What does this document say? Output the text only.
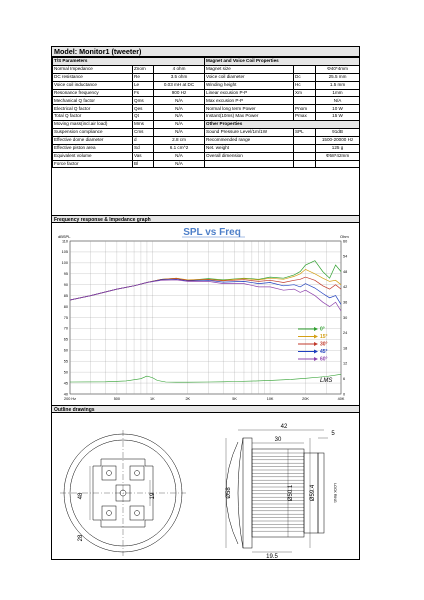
Model: Monitor1 (tweeter)
T/S Parameters			Magnet and Voice Coil Properties		
Normal Impedance	Znom	4 ohm	Magnet size		Φ40*4mm
DC resistance	Re	3.5 ohm	Voice coil diameter	Dc	25.5 mm
Voice coil inductance	Le	0.03 mH at DC	Winding height	Hc	1.5 mm
Resonance frequency	Fs	900 Hz	Linear excusion P-P	Xm	1mm
Mechanical Q factor	Qms	N/A	Max excusion P-P		N/A
Electrical Q factor	Qes	N/A	Normal long term Power	Pnom	10 W
Total Q factor	Qt	N/A	Instant(10ms) Max Power	Pmax	15 W
Moving mass(incl.air load)	Mms	N/A	Other Properties		
Suspension compliance	Cms	N/A	Sound Pressure Level/1m/1W	SPL	91dB
Effective dome diameter	d	2.8 cm	Recommended range		1500-20000 Hz
Effective piston area	Sd	6.1 cm^2	Net. weight		125 g
Equivalent volume	Vas	N/A	Overall dimension		Φ58*42mm
Force factor	Bl	N/A			
Frequency response & Impedance graph
SPL vs Freq
dBSPL	Ohm
110
105
100
95
90
85
80
75
70
65
60
55
50
45
40
60
54
48
42
36
30
24
18
12
6
0
200 Hz	500	1K	2K	5K	10K	20K	40K
0°
15°
30°
45°
60°
LMS
Outline drawings
48	19
28
42
30
5
Ø58	Ø50.1	Ø59.4
19.5
LOCK RING
